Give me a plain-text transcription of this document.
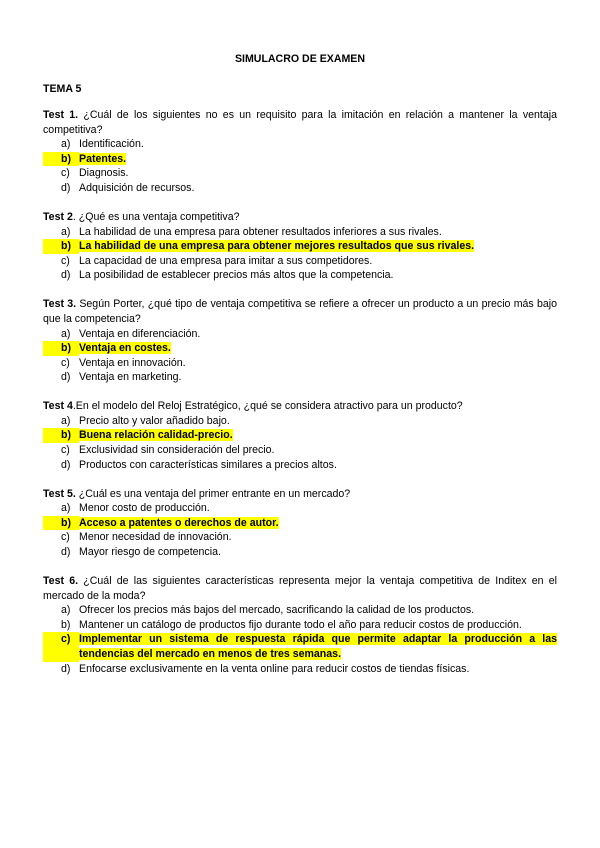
SIMULACRO DE EXAMEN
TEMA 5
Test 1. ¿Cuál de los siguientes no es un requisito para la imitación en relación a mantener la ventaja competitiva?
a) Identificación.
b) Patentes.
c) Diagnosis.
d) Adquisición de recursos.
Test 2. ¿Qué es una ventaja competitiva?
a) La habilidad de una empresa para obtener resultados inferiores a sus rivales.
b) La habilidad de una empresa para obtener mejores resultados que sus rivales.
c) La capacidad de una empresa para imitar a sus competidores.
d) La posibilidad de establecer precios más altos que la competencia.
Test 3. Según Porter, ¿qué tipo de ventaja competitiva se refiere a ofrecer un producto a un precio más bajo que la competencia?
a) Ventaja en diferenciación.
b) Ventaja en costes.
c) Ventaja en innovación.
d) Ventaja en marketing.
Test 4.En el modelo del Reloj Estratégico, ¿qué se considera atractivo para un producto?
a) Precio alto y valor añadido bajo.
b) Buena relación calidad-precio.
c) Exclusividad sin consideración del precio.
d) Productos con características similares a precios altos.
Test 5. ¿Cuál es una ventaja del primer entrante en un mercado?
a) Menor costo de producción.
b) Acceso a patentes o derechos de autor.
c) Menor necesidad de innovación.
d) Mayor riesgo de competencia.
Test 6. ¿Cuál de las siguientes características representa mejor la ventaja competitiva de Inditex en el mercado de la moda?
a) Ofrecer los precios más bajos del mercado, sacrificando la calidad de los productos.
b) Mantener un catálogo de productos fijo durante todo el año para reducir costos de producción.
c) Implementar un sistema de respuesta rápida que permite adaptar la producción a las tendencias del mercado en menos de tres semanas.
d) Enfocarse exclusivamente en la venta online para reducir costos de tiendas físicas.
